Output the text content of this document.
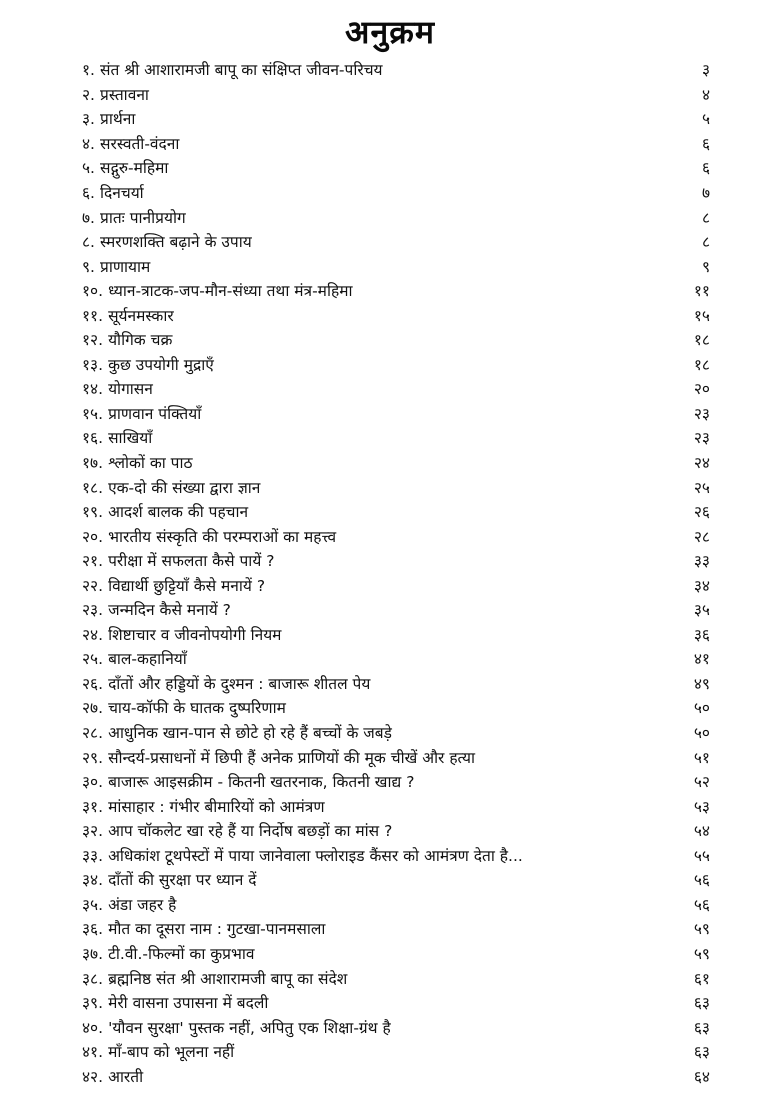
अनुक्रम
१. संत श्री आशारामजी बापू का संक्षिप्त जीवन-परिचय	३
२. प्रस्तावना	४
३. प्रार्थना	५
४. सरस्वती-वंदना	६
५. सद्गुरु-महिमा	६
६. दिनचर्या	७
७. प्रातः पानीप्रयोग	८
८. स्मरणशक्ति बढ़ाने के उपाय	८
९. प्राणायाम	९
१०. ध्यान-त्राटक-जप-मौन-संध्या तथा मंत्र-महिमा	११
११. सूर्यनमस्कार	१५
१२. यौगिक चक्र	१८
१३. कुछ उपयोगी मुद्राएँ	१८
१४. योगासन	२०
१५. प्राणवान पंक्तियाँ	२३
१६. साखियाँ	२३
१७. श्लोकों का पाठ	२४
१८. एक-दो की संख्या द्वारा ज्ञान	२५
१९. आदर्श बालक की पहचान	२६
२०. भारतीय संस्कृति की परम्पराओं का महत्त्व	२८
२१. परीक्षा में सफलता कैसे पायें ?	३३
२२. विद्यार्थी छुट्टियाँ कैसे मनायें ?	३४
२३. जन्मदिन कैसे मनायें ?	३५
२४. शिष्टाचार व जीवनोपयोगी नियम	३६
२५. बाल-कहानियाँ	४१
२६. दाँतों और हड्डियों के दुश्मन : बाजारू शीतल पेय	४९
२७. चाय-कॉफी के घातक दुष्परिणाम	५०
२८. आधुनिक खान-पान से छोटे हो रहे हैं बच्चों के जबड़े	५०
२९. सौन्दर्य-प्रसाधनों में छिपी हैं अनेक प्राणियों की मूक चीखें और हत्या	५१
३०. बाजारू आइसक्रीम - कितनी खतरनाक, कितनी खाद्य ?	५२
३१. मांसाहार : गंभीर बीमारियों को आमंत्रण	५३
३२. आप चॉकलेट खा रहे हैं या निर्दोष बछड़ों का मांस ?	५४
३३. अधिकांश टूथपेस्टों में पाया जानेवाला फ्लोराइड कैंसर को आमंत्रण देता है...	५५
३४. दाँतों की सुरक्षा पर ध्यान दें	५६
३५. अंडा जहर है	५६
३६. मौत का दूसरा नाम : गुटखा-पानमसाला	५९
३७. टी.वी.-फिल्मों का कुप्रभाव	५९
३८. ब्रह्मनिष्ठ संत श्री आशारामजी बापू का संदेश	६१
३९. मेरी वासना उपासना में बदली	६३
४०. 'यौवन सुरक्षा' पुस्तक नहीं, अपितु एक शिक्षा-ग्रंथ है	६३
४१. माँ-बाप को भूलना नहीं	६३
४२. आरती	६४
